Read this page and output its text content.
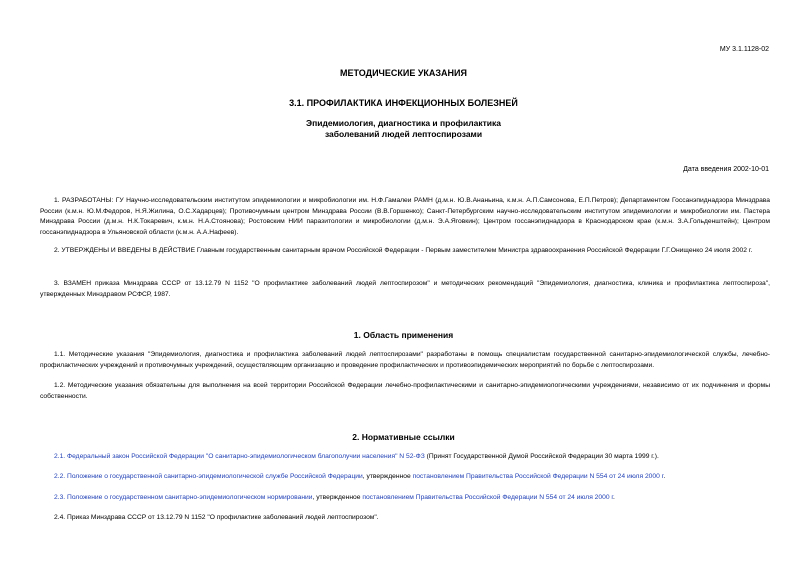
МУ 3.1.1128-02
МЕТОДИЧЕСКИЕ УКАЗАНИЯ
3.1. ПРОФИЛАКТИКА ИНФЕКЦИОННЫХ БОЛЕЗНЕЙ
Эпидемиология, диагностика и профилактика
заболеваний людей лептоспирозами
Дата введения 2002-10-01
1. РАЗРАБОТАНЫ: ГУ Научно-исследовательским институтом эпидемиологии и микробиологии им. Н.Ф.Гамалеи РАМН (д.м.н. Ю.В.Ананьина, к.м.н. А.П.Самсонова, Е.П.Петров); Департаментом Госсанэпиднадзора Минздрава России (к.м.н. Ю.М.Федоров, Н.Я.Жилина, О.С.Хадарцев); Противочумным центром Минздрава России (В.В.Горшенко); Санкт-Петербургским научно-исследовательским институтом эпидемиологии и микробиологии им. Пастера Минздрава России (д.м.н. Н.К.Токаревич, к.м.н. Н.А.Стоянова); Ростовским НИИ паразитологии и микробиологии (д.м.н. Э.А.Яговкин); Центром госсанэпиднадзора в Краснодарском крае (к.м.н. З.А.Гольденштейн); Центром госсанэпиднадзора в Ульяновской области (к.м.н. А.А.Нафеев).
2. УТВЕРЖДЕНЫ И ВВЕДЕНЫ В ДЕЙСТВИЕ Главным государственным санитарным врачом Российской Федерации - Первым заместителем Министра здравоохранения Российской Федерации Г.Г.Онищенко 24 июля 2002 г.
3. ВЗАМЕН приказа Минздрава СССР от 13.12.79 N 1152 "О профилактике заболеваний людей лептоспирозом" и методических рекомендаций "Эпидемиология, диагностика, клиника и профилактика лептоспироза", утвержденных Минздравом РСФСР, 1987.
1. Область применения
1.1. Методические указания "Эпидемиология, диагностика и профилактика заболеваний людей лептоспирозами" разработаны в помощь специалистам государственной санитарно-эпидемиологической службы, лечебно-профилактических учреждений и противочумных учреждений, осуществляющим организацию и проведение профилактических и противоэпидемических мероприятий по борьбе с лептоспирозами.
1.2. Методические указания обязательны для выполнения на всей территории Российской Федерации лечебно-профилактическими и санитарно-эпидемиологическими учреждениями, независимо от их подчинения и формы собственности.
2. Нормативные ссылки
2.1. Федеральный закон Российской Федерации "О санитарно-эпидемиологическом благополучии населения" N 52-ФЗ (Принят Государственной Думой Российской Федерации 30 марта 1999 г.).
2.2. Положение о государственной санитарно-эпидемиологической службе Российской Федерации, утвержденное постановлением Правительства Российской Федерации N 554 от 24 июля 2000 г.
2.3. Положение о государственном санитарно-эпидемиологическом нормировании, утвержденное постановлением Правительства Российской Федерации N 554 от 24 июля 2000 г.
2.4. Приказ Минздрава СССР от 13.12.79 N 1152 "О профилактике заболеваний людей лептоспирозом".
